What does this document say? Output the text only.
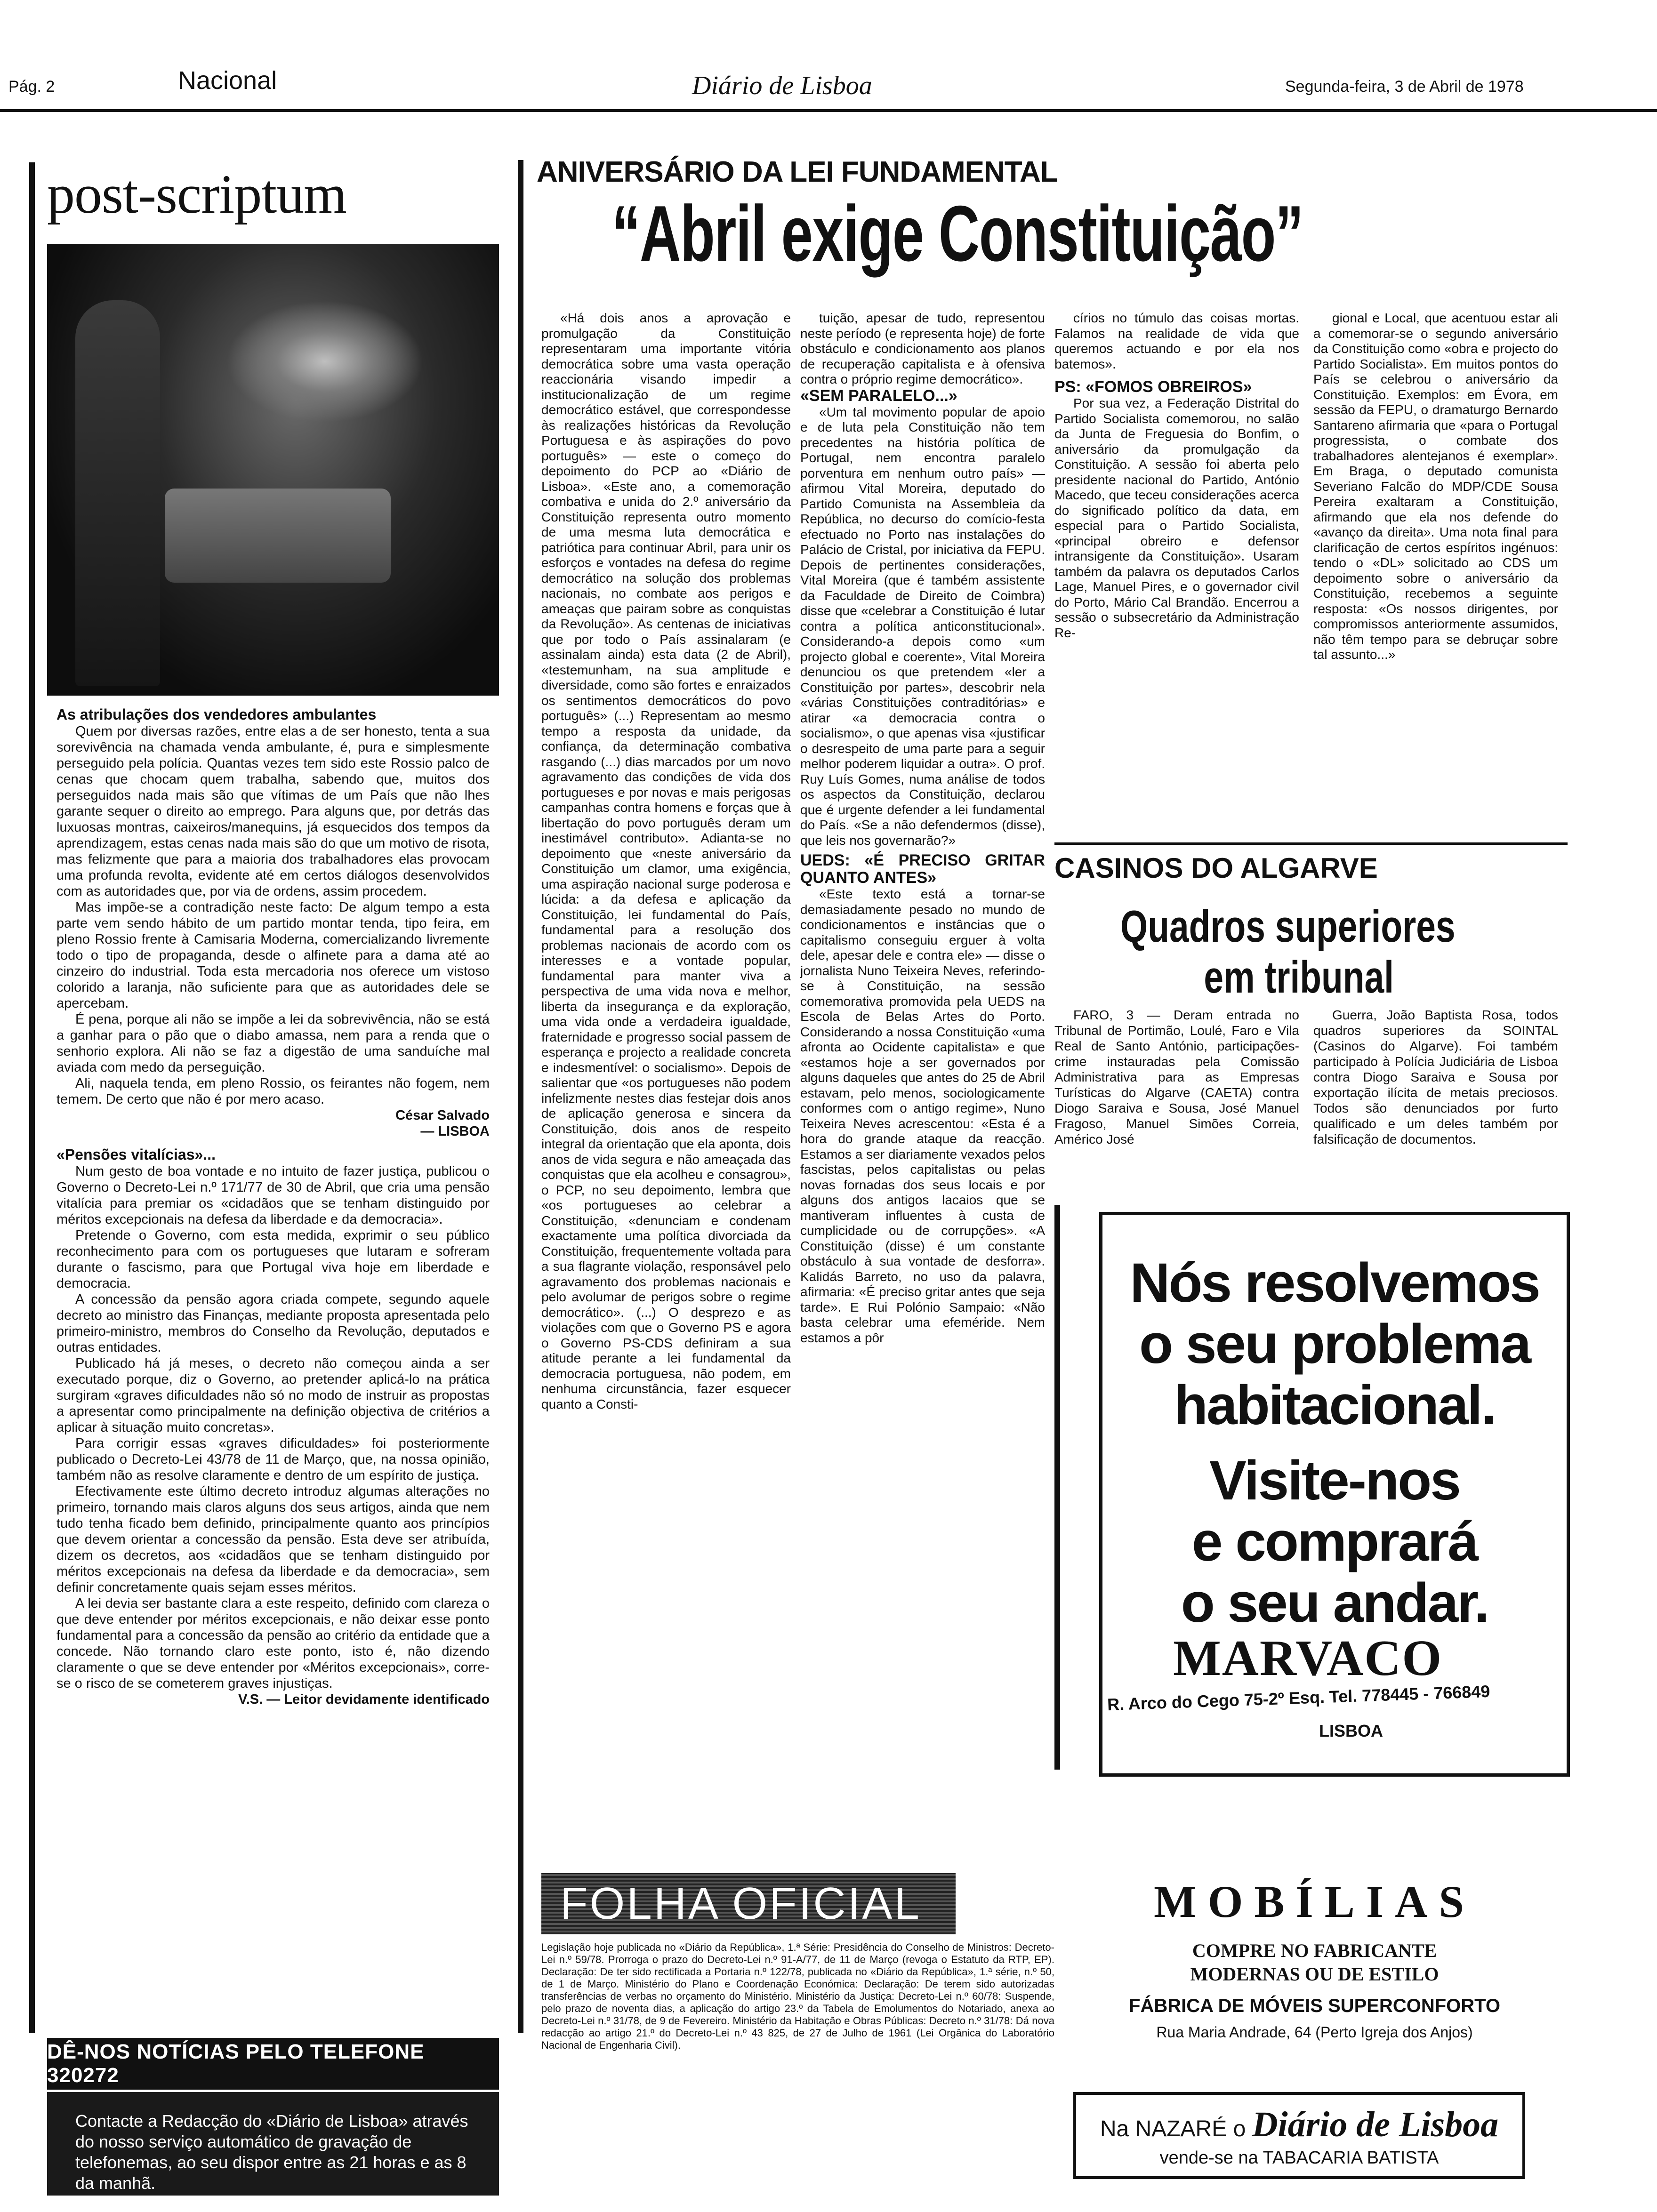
Pág. 2	Nacional	Diário de Lisboa	Segunda-feira, 3 de Abril de 1978
post-scriptum
As atribulações dos vendedores ambulantes

Quem por diversas razões, entre elas a de ser honesto, tenta a sua sorevivência na chamada venda ambulante, é, pura e simplesmente perseguido pela polícia. Quantas vezes tem sido este Rossio palco de cenas que chocam quem trabalha, sabendo que, muitos dos perseguidos nada mais são que vítimas de um País que não lhes garante sequer o direito ao emprego. Para alguns que, por detrás das luxuosas montras, caixeiros/manequins, já esquecidos dos tempos da aprendizagem, estas cenas nada mais são do que um motivo de risota, mas felizmente que para a maioria dos trabalhadores elas provocam uma profunda revolta, evidente até em certos diálogos desenvolvidos com as autoridades que, por via de ordens, assim procedem.

Mas impõe-se a contradição neste facto: De algum tempo a esta parte vem sendo hábito de um partido montar tenda, tipo feira, em pleno Rossio frente à Camisaria Moderna, comercializando livremente todo o tipo de propaganda, desde o alfinete para a dama até ao cinzeiro do industrial. Toda esta mercadoria nos oferece um vistoso colorido a laranja, não suficiente para que as autoridades dele se apercebam.

É pena, porque ali não se impõe a lei da sobrevivência, não se está a ganhar para o pão que o diabo amassa, nem para a renda que o senhorio explora. Ali não se faz a digestão de uma sanduíche mal aviada com medo da perseguição.

Ali, naquela tenda, em pleno Rossio, os feirantes não fogem, nem temem. De certo que não é por mero acaso.

César Salvado
— LISBOA
«Pensões vitalícias»...

Num gesto de boa vontade e no intuito de fazer justiça, publicou o Governo o Decreto-Lei n.º 171/77 de 30 de Abril, que cria uma pensão vitalícia para premiar os «cidadãos que se tenham distinguido por méritos excepcionais na defesa da liberdade e da democracia».

Pretende o Governo, com esta medida, exprimir o seu público reconhecimento para com os portugueses que lutaram e sofreram durante o fascismo, para que Portugal viva hoje em liberdade e democracia.

A concessão da pensão agora criada compete, segundo aquele decreto ao ministro das Finanças, mediante proposta apresentada pelo primeiro-ministro, membros do Conselho da Revolução, deputados e outras entidades.

Publicado há já meses, o decreto não começou ainda a ser executado porque, diz o Governo, ao pretender aplicá-lo na prática surgiram «graves dificuldades não só no modo de instruir as propostas a apresentar como principalmente na definição objectiva de critérios a aplicar à situação muito concretas».

Para corrigir essas «graves dificuldades» foi posteriormente publicado o Decreto-Lei 43/78 de 11 de Março, que, na nossa opinião, também não as resolve claramente e dentro de um espírito de justiça.

Efectivamente este último decreto introduz algumas alterações no primeiro, tornando mais claros alguns dos seus artigos, ainda que nem tudo tenha ficado bem definido, principalmente quanto aos princípios que devem orientar a concessão da pensão. Esta deve ser atribuída, dizem os decretos, aos «cidadãos que se tenham distinguido por méritos excepcionais na defesa da liberdade e da democracia», sem definir concretamente quais sejam esses méritos.

A lei devia ser bastante clara a este respeito, definido com clareza o que deve entender por méritos excepcionais, e não deixar esse ponto fundamental para a concessão da pensão ao critério da entidade que a concede. Não tornando claro este ponto, isto é, não dizendo claramente o que se deve entender por «Méritos excepcionais», corre-se o risco de se cometerem graves injustiças.

V.S. — Leitor devidamente identificado
DÊ-NOS NOTÍCIAS PELO TELEFONE 320272
Contacte a Redacção do «Diário de Lisboa» através do nosso serviço automático de gravação de telefonemas, ao seu dispor entre as 21 horas e as 8 da manhã.
ANIVERSÁRIO DA LEI FUNDAMENTAL
“Abril exige Constituição”

«Há dois anos a aprovação e promulgação da Constituição representaram uma importante vitória democrática sobre uma vasta operação reaccionária visando impedir a institucionalização de um regime democrático estável, que correspondesse às realizações históricas da Revolução Portuguesa e às aspirações do povo português» — este o começo do depoimento do PCP ao «Diário de Lisboa». «Este ano, a comemoração combativa e unida do 2.º aniversário da Constituição representa outro momento de uma mesma luta democrática e patriótica para continuar Abril, para unir os esforços e vontades na defesa do regime democrático na solução dos problemas nacionais, no combate aos perigos e ameaças que pairam sobre as conquistas da Revolução». As centenas de iniciativas que por todo o País assinalaram (e assinalam ainda) esta data (2 de Abril), «testemunham, na sua amplitude e diversidade, como são fortes e enraizados os sentimentos democráticos do povo português» (...) Representam ao mesmo tempo a resposta da unidade, da confiança, da determinação combativa rasgando (...) dias marcados por um novo agravamento das condições de vida dos portugueses e por novas e mais perigosas campanhas contra homens e forças que à libertação do povo português deram um inestimável contributo». Adiantа-se no depoimento que «neste aniversário da Constituição um clamor, uma exigência, uma aspiração nacional surge poderosa e lúcida: a da defesa e aplicação da Constituição, lei fundamental do País, fundamental para a resolução dos problemas nacionais de acordo com os interesses e a vontade popular, fundamental para manter viva a perspectiva de uma vida nova e melhor, liberta da insegurança e da exploração, uma vida onde a verdadeira igualdade, fraternidade e progresso social passem de esperança e projecto a realidade concreta e indesmentível: o socialismo». Depois de salientar que «os portugueses não podem infelizmente nestes dias festejar dois anos de aplicação generosa e sincera da Constituição, dois anos de respeito integral da orientação que ela aponta, dois anos de vida segura e não ameaçada das conquistas que ela acolheu e consagrou», o PCP, no seu depoimento, lembra que «os portugueses ao celebrar a Constituição, «denunciam e condenam exactamente uma política divorciada da Constituição, frequentemente voltada para a sua flagrante violação, responsável pelo agravamento dos problemas nacionais e pelo avolumar de perigos sobre o regime democrático». (...) O desprezo e as violações com que o Governo PS e agora o Governo PS-CDS definiram a sua atitude perante a lei fundamental da democracia portuguesa, não podem, em nenhuma circunstância, fazer esquecer quanto a Consti-

tuição, apesar de tudo, representou neste período (e representa hoje) de forte obstáculo e condicionamento aos planos de recuperação capitalista e à ofensiva contra o próprio regime democrático».

«SEM PARALELO...»

«Um tal movimento popular de apoio e de luta pela Constituição não tem precedentes na história política de Portugal, nem encontra paralelo porventura em nenhum outro país» — afirmou Vital Moreira, deputado do Partido Comunista na Assembleia da República, no decurso do comício-festa efectuado no Porto nas instalações do Palácio de Cristal, por iniciativa da FEPU. Depois de pertinentes considerações, Vital Moreira (que é também assistente da Faculdade de Direito de Coimbra) disse que «celebrar a Constituição é lutar contra a política anticonstitucional». Considerando-a depois como «um projecto global e coerente», Vital Moreira denunciou os que pretendem «ler a Constituição por partes», descobrir nela «várias Constituições contraditórias» e atirar «a democracia contra o socialismo», o que apenas visa «justificar o desrespeito de uma parte para a seguir melhor poderem liquidar a outra». O prof. Ruy Luís Gomes, numa análise de todos os aspectos da Constituição, declarou que é urgente defender a lei fundamental do País. «Se a não defendermos (disse), que leis nos governarão?»

UEDS: «É PRECISO GRITAR QUANTO ANTES»

«Este texto está a tornar-se demasiadamente pesado no mundo de condicionamentos e instâncias que o capitalismo conseguiu erguer à volta dele, apesar dele e contra ele» — disse o jornalista Nuno Teixeira Neves, referindo-se à Constituição, na sessão comemorativa promovida pela UEDS na Escola de Belas Artes do Porto. Considerando a nossa Constituição «uma afronta ao Ocidente capitalista» e que «estamos hoje a ser governados por alguns daqueles que antes do 25 de Abril estavam, pelo menos, sociologicamente conformes com o antigo regime», Nuno Teixeira Neves acrescentou: «Esta é a hora do grande ataque da reacção. Estamos a ser diariamente vexados pelos fascistas, pelos capitalistas ou pelas novas fornadas dos seus locais e por alguns dos antigos lacaios que se mantiveram influentes à custa de cumplicidade ou de corrupções». «A Constituição (disse) é um constante obstáculo à sua vontade de desforra». Kalidás Barreto, no uso da palavra, afirmaria: «É preciso gritar antes que seja tarde». E Rui Polónio Sampaio: «Não basta celebrar uma efeméride. Nem estamos a pôr

círios no túmulo das coisas mortas. Falamos na realidade de vida que queremos actuando e por ela nos batemos».

PS: «FOMOS OBREIROS»

Por sua vez, a Federação Distrital do Partido Socialista comemorou, no salão da Junta de Freguesia do Bonfim, o aniversário da promulgação da Constituição. A sessão foi aberta pelo presidente nacional do Partido, António Macedo, que teceu considerações acerca do significado político da data, em especial para o Partido Socialista, «principal obreiro e defensor intransigente da Constituição». Usaram também da palavra os deputados Carlos Lage, Manuel Pires, e o governador civil do Porto, Mário Cal Brandão. Encerrou a sessão o subsecretário da Administração Re-

gional e Local, que acentuou estar ali a comemorar-se o segundo aniversário da Constituição como «obra e projecto do Partido Socialista». Em muitos pontos do País se celebrou o aniversário da Constituição. Exemplos: em Évora, em sessão da FEPU, o dramaturgo Bernardo Santareno afirmaria que «para o Portugal progressista, o combate dos trabalhadores alentejanos é exemplar». Em Braga, o deputado comunista Severiano Falcão do MDP/CDE Sousa Pereira exaltaram a Constituição, afirmando que ela nos defende do «avanço da direita». Uma nota final para clarificação de certos espíritos ingénuos: tendo o «DL» solicitado ao CDS um depoimento sobre o aniversário da Constituição, recebemos a seguinte resposta: «Os nossos dirigentes, por compromissos anteriormente assumidos, não têm tempo para se debruçar sobre tal assunto...»

CASINOS DO ALGARVE
Quadros superiores
em tribunal

FARO, 3 — Deram entrada no Tribunal de Portimão, Loulé, Faro e Vila Real de Santo António, participações-crime instauradas pela Comissão Administrativa para as Empresas Turísticas do Algarve (CAETA) contra Diogo Saraiva e Sousa, José Manuel Fragoso, Manuel Simões Correia, Américo José

Guerra, João Baptista Rosa, todos quadros superiores da SOINTAL (Casinos do Algarve). Foi também participado à Polícia Judiciária de Lisboa contra Diogo Saraiva e Sousa por exportação ilícita de metais preciosos. Todos são denunciados por furto qualificado e um deles também por falsificação de documentos.

Nós resolvemos
o seu problema
habitacional.
Visite-nos
e comprará
o seu andar.
MARVACO
R. Arco do Cego 75-2º Esq. Tel. 778445 - 766849
LISBOA
FOLHA OFICIAL
Legislação hoje publicada no «Diário da República», 1.ª Série: Presidência do Conselho de Ministros: Decreto-Lei n.º 59/78. Prorroga o prazo do Decreto-Lei n.º 91-A/77, de 11 de Março (revoga o Estatuto da RTP, EP). Declaração: De ter sido rectificada a Portaria n.º 122/78, publicada no «Diário da República», 1.ª série, n.º 50, de 1 de Março. Ministério do Plano e Coordenação Económica: Declaração: De terem sido autorizadas transferências de verbas no orçamento do Ministério. Ministério da Justiça: Decreto-Lei n.º 60/78: Suspende, pelo prazo de noventa dias, a aplicação do artigo 23.º da Tabela de Emolumentos do Notariado, anexa ao Decreto-Lei n.º 31/78, de 9 de Fevereiro. Ministério da Habitação e Obras Públicas: Decreto n.º 31/78: Dá nova redacção ao artigo 21.º do Decreto-Lei n.º 43 825, de 27 de Julho de 1961 (Lei Orgânica do Laboratório Nacional de Engenharia Civil).
MOBÍLIAS
COMPRE NO FABRICANTE
MODERNAS OU DE ESTILO
FÁBRICA DE MÓVEIS SUPERCONFORTO
Rua Maria Andrade, 64 (Perto Igreja dos Anjos)
Na NAZARÉ o Diário de Lisboa
vende-se na TABACARIA BATISTA
